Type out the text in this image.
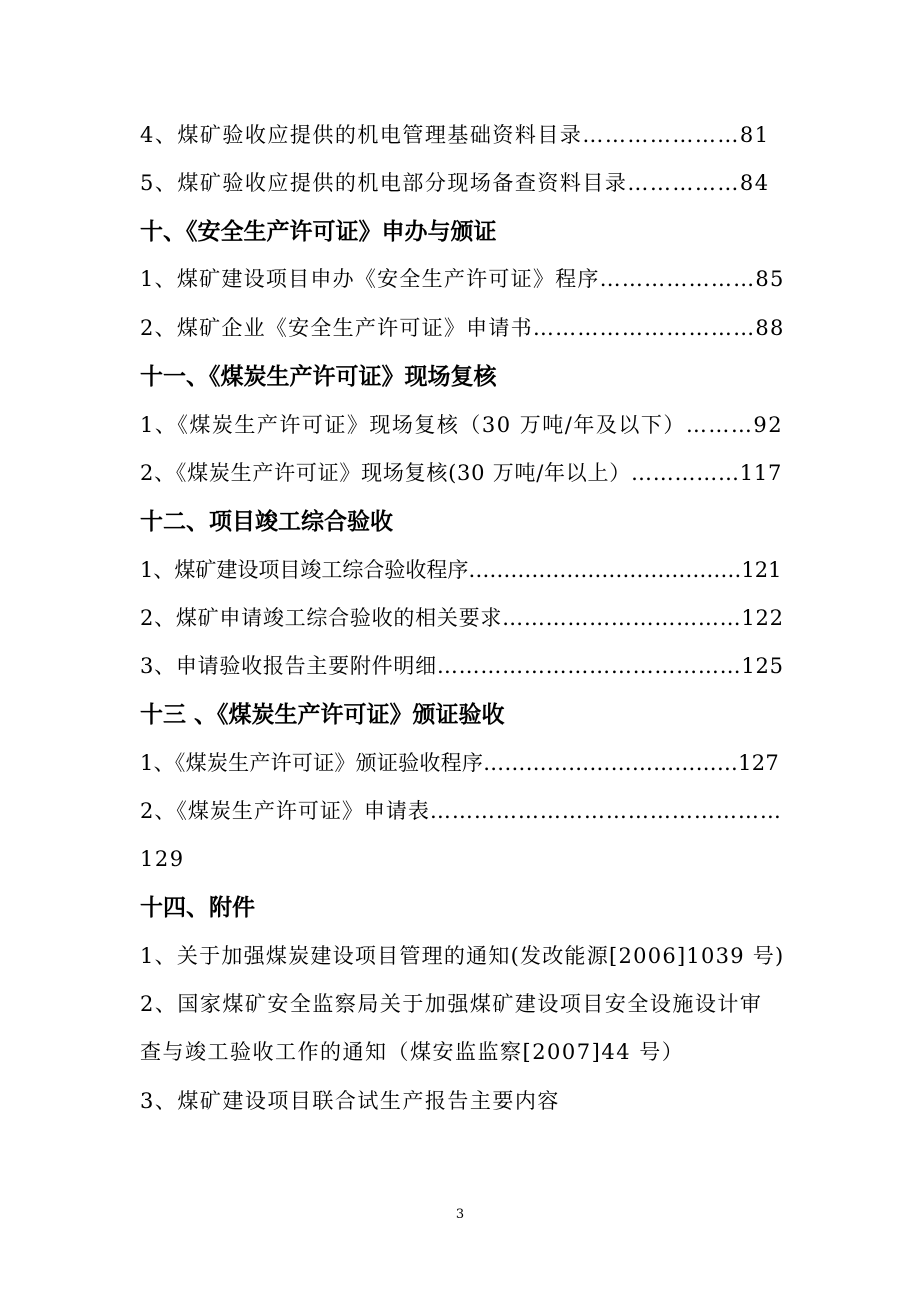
4、煤矿验收应提供的机电管理基础资料目录…………………81
5、煤矿验收应提供的机电部分现场备查资料目录……………84
十、《安全生产许可证》申办与颁证
1、煤矿建设项目申办《安全生产许可证》程序…………………85
2、煤矿企业《安全生产许可证》申请书…………………………88
十一、《煤炭生产许可证》现场复核
1、《煤炭生产许可证》现场复核（30 万吨/年及以下）………92
2、《煤炭生产许可证》现场复核(30 万吨/年以上）……………117
十二、项目竣工综合验收
1、煤矿建设项目竣工综合验收程序…………………………………121
2、煤矿申请竣工综合验收的相关要求……………………………122
3、申请验收报告主要附件明细……………………………………125
十三 、《煤炭生产许可证》颁证验收
1、《煤炭生产许可证》颁证验收程序………………………………127
2、《煤炭生产许可证》申请表…………………………………………
129
十四、附件
1、关于加强煤炭建设项目管理的通知(发改能源[2006]1039 号)
2、国家煤矿安全监察局关于加强煤矿建设项目安全设施设计审
查与竣工验收工作的通知（煤安监监察[2007]44 号）
3、煤矿建设项目联合试生产报告主要内容
3
